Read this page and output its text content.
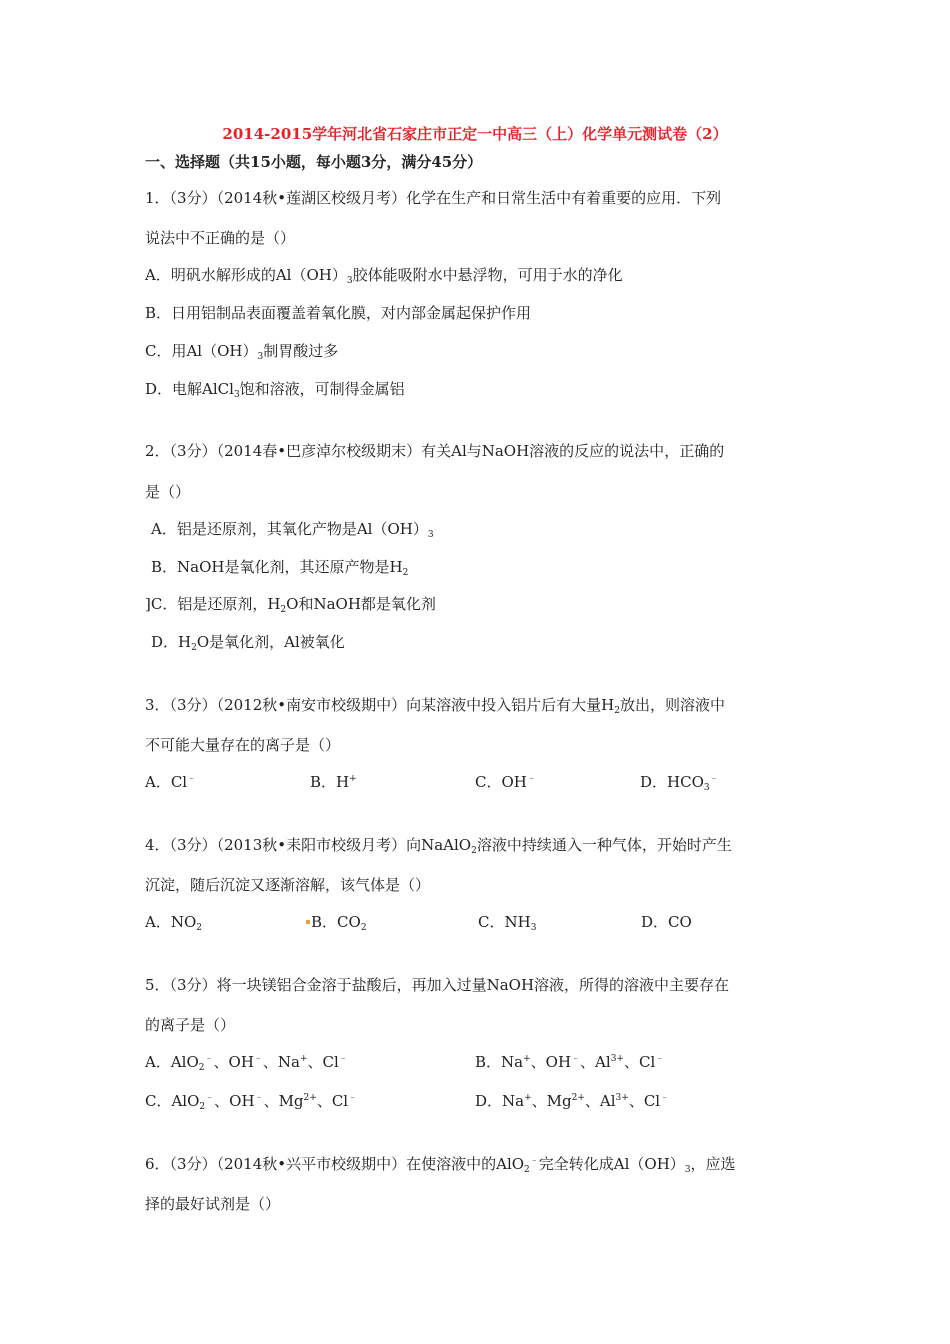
2014-2015学年河北省石家庄市正定一中高三（上）化学单元测试卷（2）
一、选择题（共15小题，每小题3分，满分45分）
1．（3分）（2014秋•莲湖区校级月考）化学在生产和日常生活中有着重要的应用．下列
说法中不正确的是（）
A．明矾水解形成的$Al(OH)_3$胶体能吸附水中悬浮物，可用于水的净化
B．日用铝制品表面覆盖着氧化膜，对内部金属起保护作用
C．用$Al(OH)_3$制胃酸过多
D．电解AlCl$_3$饱和溶液，可制得金属铝
2．（3分）（2014春•巴彦淖尔校级期末）有关Al与NaOH溶液的反应的说法中，正确的
是（）
A．铝是还原剂，其氧化产物是$Al(OH)_3$
B．NaOH是氧化剂，其还原产物是$H_2$
]C．铝是还原剂，$H_2O$和NaOH都是氧化剂
D．$H_2O$是氧化剂，Al被氧化
3．（3分）（2012秋•南安市校级期中）向某溶液中投入铝片后有大量$H_2$放出，则溶液中
不可能大量存在的离子是（）
A．Cl﹣	B．H+	C．OH﹣	D．$HCO_3^﹣$
4．（3分）（2013秋•耒阳市校级月考）向NaAlO$_2$溶液中持续通入一种气体，开始时产生
沉淀，随后沉淀又逐渐溶解，该气体是（）
A．$NO_2$	B．$CO_2$	C．$NH_3$	D．CO
5．（3分）将一块镁铝合金溶于盐酸后，再加入过量NaOH溶液，所得的溶液中主要存在
的离子是（）
A．AlO$_2$﹣、OH﹣、Na+、Cl﹣	B．Na+、OH﹣、$Al^{3+}$、Cl﹣
C．AlO$_2$﹣、OH﹣、$Mg^{2+}$、Cl﹣	D．Na+、$Mg^{2+}$、$Al^{3+}$、Cl﹣
6．（3分）（2014秋•兴平市校级期中）在使溶液中的AlO$_2$﹣完全转化成$Al(OH)_3$，应选
择的最好试剂是（）
